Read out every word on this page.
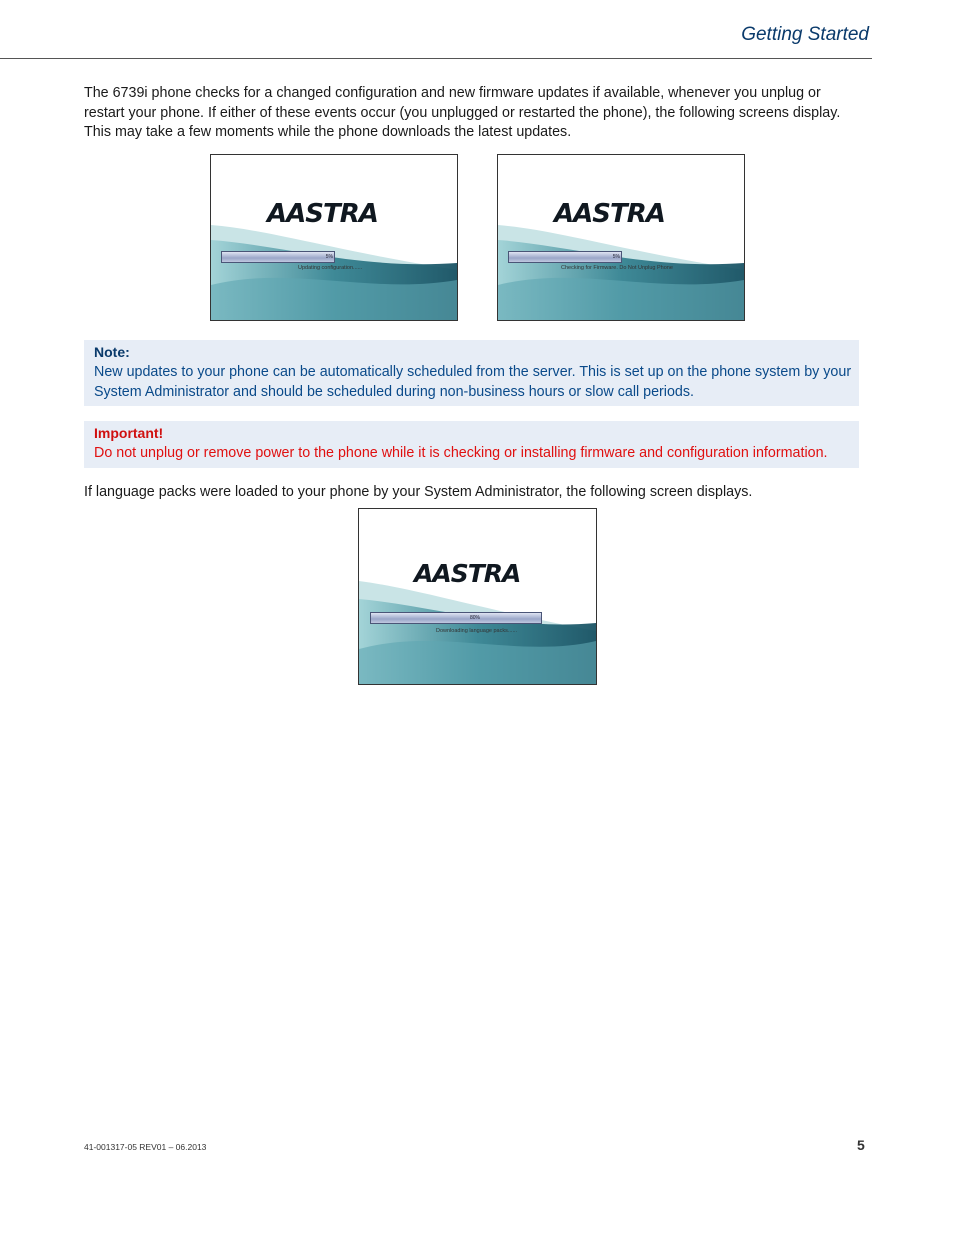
Getting Started
The 6739i phone checks for a changed configuration and new firmware updates if available, whenever you unplug or restart your phone. If either of these events occur (you unplugged or restarted the phone), the following screens display. This may take a few moments while the phone downloads the latest updates.
AASTRA
5%
Updating configuration......
AASTRA
5%
Checking for Firmware. Do Not Unplug Phone
Note:
New updates to your phone can be automatically scheduled from the server. This is set up on the phone system by your System Administrator and should be scheduled during non-business hours or slow call periods.
Important!
Do not unplug or remove power to the phone while it is checking or installing firmware and configuration information.
If language packs were loaded to your phone by your System Administrator, the following screen displays.
AASTRA
80%
Downloading language packs......
41-001317-05 REV01 – 06.2013	5
